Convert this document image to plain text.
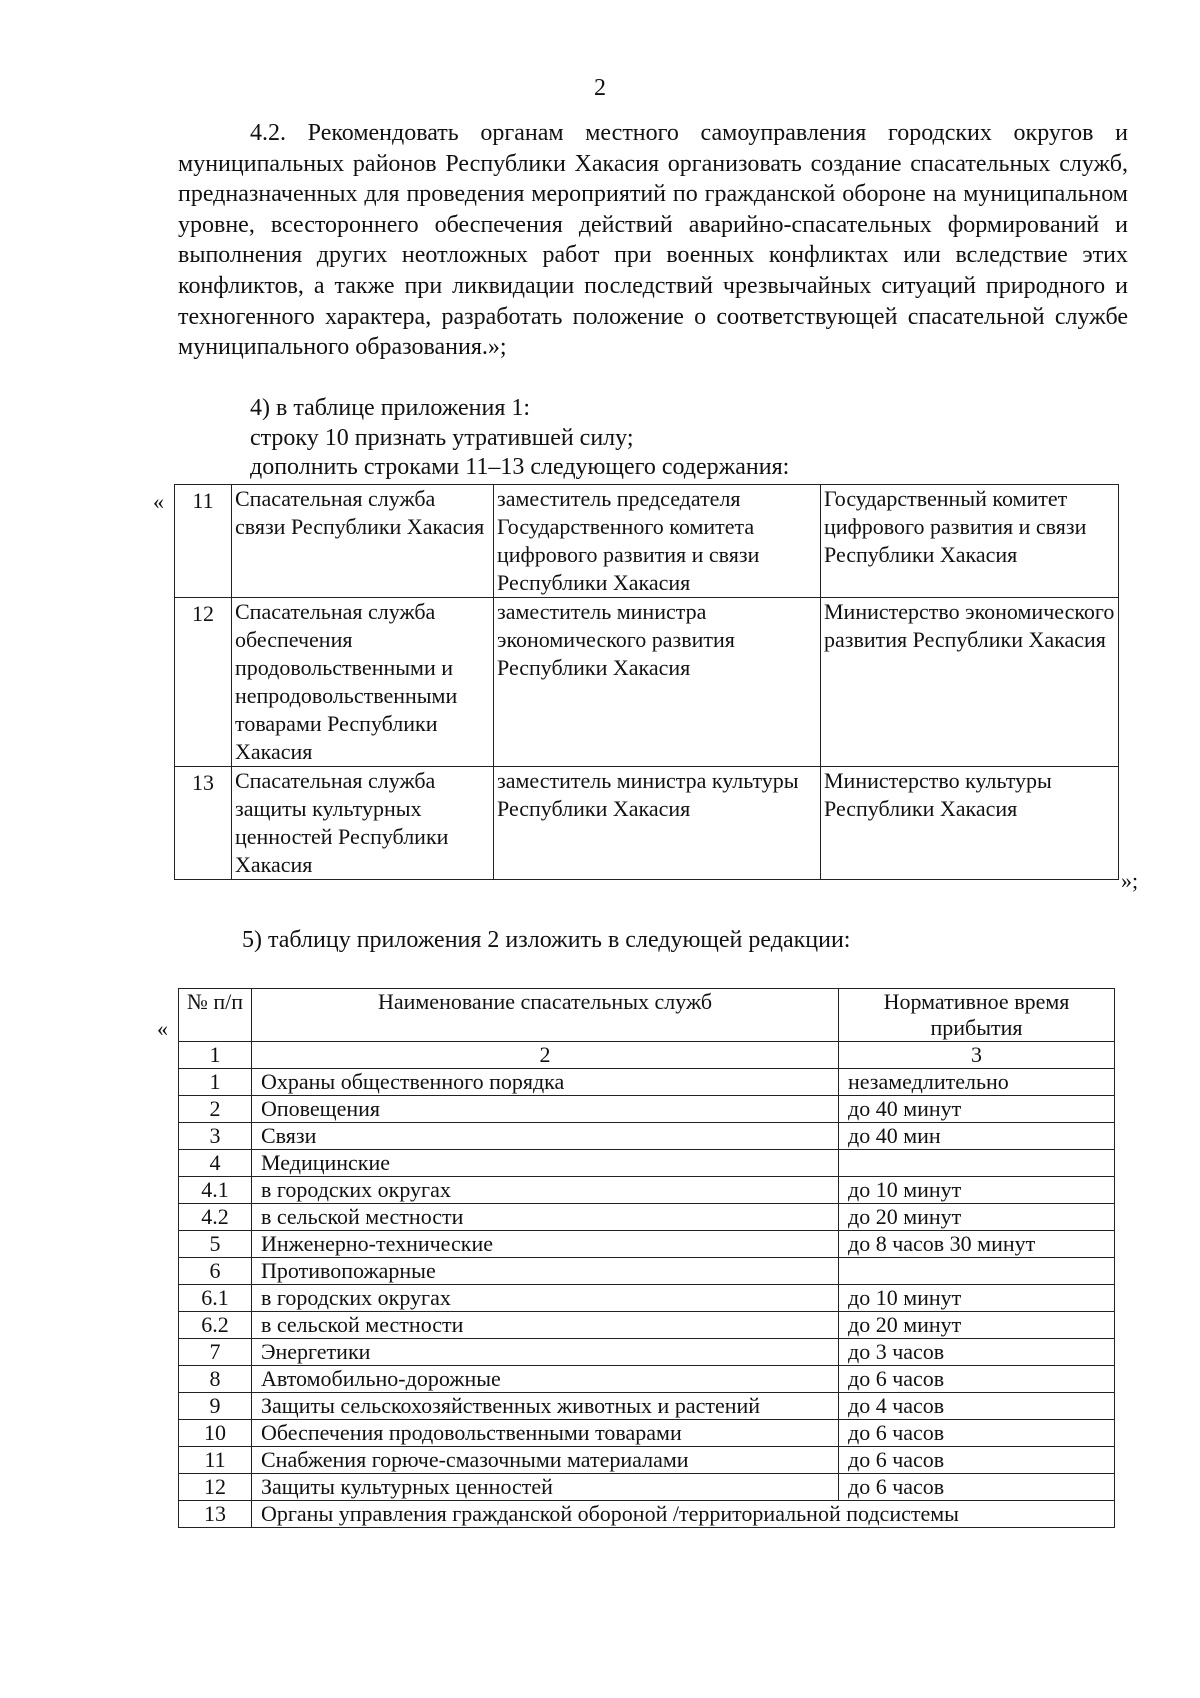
2
4.2. Рекомендовать органам местного самоуправления городских округов и муниципальных районов Республики Хакасия организовать создание спасательных служб, предназначенных для проведения мероприятий по гражданской обороне на муниципальном уровне, всестороннего обеспечения действий аварийно-спасательных формирований и выполнения других неотложных работ при военных конфликтах или вследствие этих конфликтов, а также при ликвидации последствий чрезвычайных ситуаций природного и техногенного характера, разработать положение о соответствующей спасательной службе муниципального образования.»;
4) в таблице приложения 1:
строку 10 признать утратившей силу;
дополнить строками 11–13 следующего содержания:
« 11	Спасательная служба связи Республики Хакасия	заместитель председателя Государственного комитета цифрового развития и связи Республики Хакасия	Государственный комитет цифрового развития и связи Республики Хакасия
12	Спасательная служба обеспечения продовольственными и непродовольственными товарами Республики Хакасия	заместитель министра экономического развития Республики Хакасия	Министерство экономического развития Республики Хакасия
13	Спасательная служба защиты культурных ценностей Республики Хакасия	заместитель министра культуры Республики Хакасия	Министерство культуры Республики Хакасия
»;
5) таблицу приложения 2 изложить в следующей редакции:
«
№ п/п	Наименование спасательных служб	Нормативное время прибытия
1	2	3
1	Охраны общественного порядка	незамедлительно
2	Оповещения	до 40 минут
3	Связи	до 40 мин
4	Медицинские	
4.1	в городских округах	до 10 минут
4.2	в сельской местности	до 20 минут
5	Инженерно-технические	до 8 часов 30 минут
6	Противопожарные	
6.1	в городских округах	до 10 минут
6.2	в сельской местности	до 20 минут
7	Энергетики	до 3 часов
8	Автомобильно-дорожные	до 6 часов
9	Защиты сельскохозяйственных животных и растений	до 4 часов
10	Обеспечения продовольственными товарами	до 6 часов
11	Снабжения горюче-смазочными материалами	до 6 часов
12	Защиты культурных ценностей	до 6 часов
13	Органы управления гражданской обороной /территориальной подсистемы	
